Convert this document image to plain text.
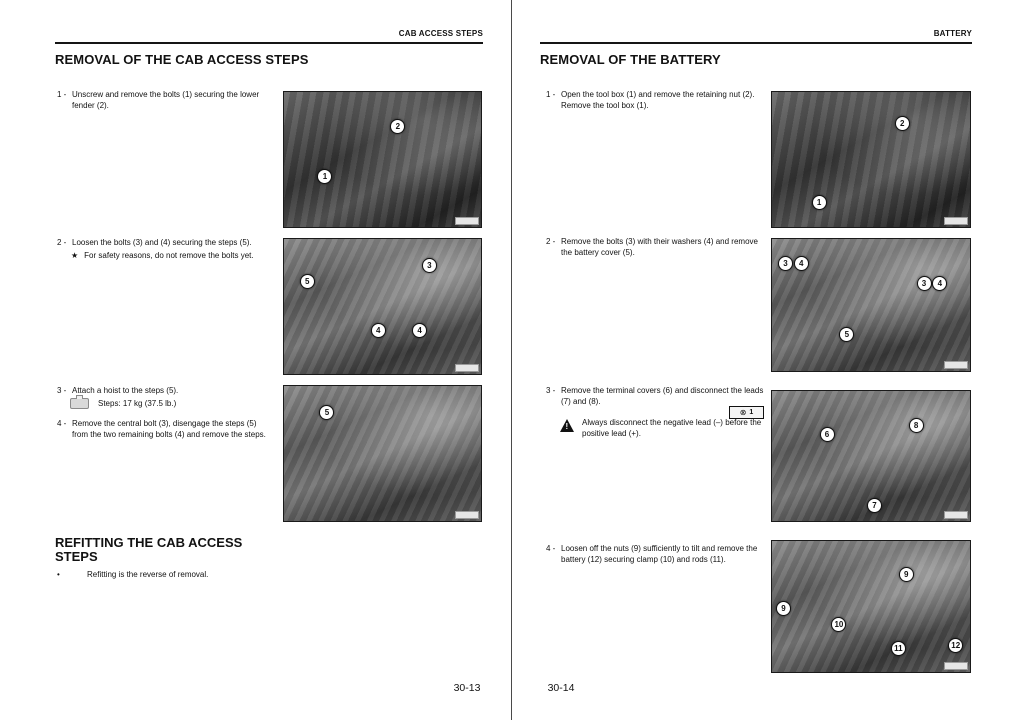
CAB ACCESS STEPS
REMOVAL OF THE CAB ACCESS STEPS
1 - Unscrew and remove the bolts (1) securing the lower fender (2).
2 - Loosen the bolts (3) and (4) securing the steps (5).
★ For safety reasons, do not remove the bolts yet.
3 - Attach a hoist to the steps (5).
Steps: 17 kg (37.5 lb.)
4 - Remove the central bolt (3), disengage the steps (5) from the two remaining bolts (4) and remove the steps.
1
2
5
3
4	4
5
REFITTING THE CAB ACCESS STEPS
•	Refitting is the reverse of removal.
30-13
BATTERY
REMOVAL OF THE BATTERY
1 - Open the tool box (1) and remove the retaining nut (2). Remove the tool box (1).
2 - Remove the bolts (3) with their washers (4) and remove the battery cover (5).
3 - Remove the terminal covers (6) and disconnect the leads (7) and (8).
⊗ 1
!
Always disconnect the negative lead (–) before the positive lead (+).
4 - Loosen off the nuts (9) sufficiently to tilt and remove the battery (12) securing clamp (10) and rods (11).
2
1
3	4
3	4
5
6
8
7
9
9
10
11	12
30-14
